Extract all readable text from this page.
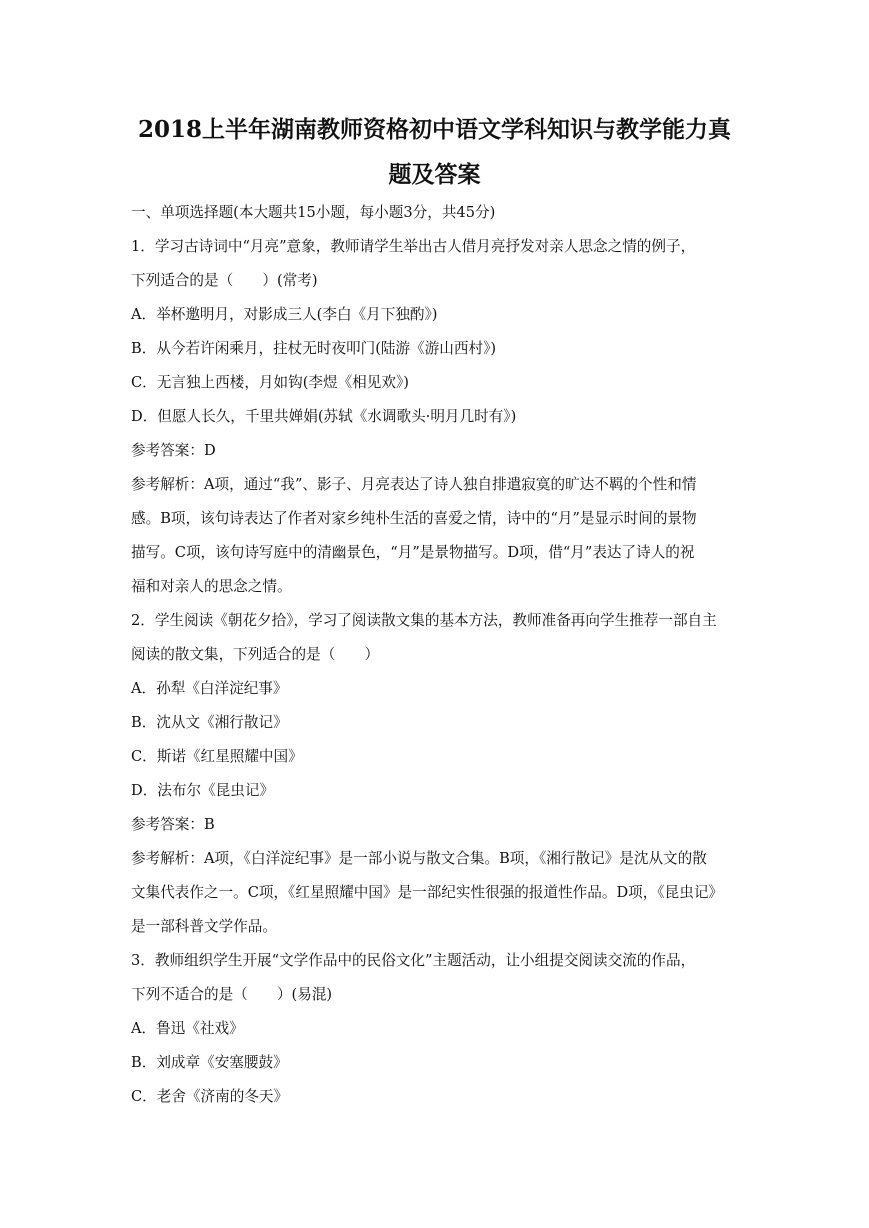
2018上半年湖南教师资格初中语文学科知识与教学能力真
题及答案
一、单项选择题(本大题共15小题，每小题3分，共45分)
1．学习古诗词中“月亮”意象，教师请学生举出古人借月亮抒发对亲人思念之情的例子，
下列适合的是（　　）(常考)
A．举杯邀明月，对影成三人(李白《月下独酌》)
B．从今若许闲乘月，拄杖无时夜叩门(陆游《游山西村》)
C．无言独上西楼，月如钩(李煜《相见欢》)
D．但愿人长久，千里共婵娟(苏轼《水调歌头·明月几时有》)
参考答案：D
参考解析：A项，通过“我”、影子、月亮表达了诗人独自排遣寂寞的旷达不羁的个性和情
感。B项，该句诗表达了作者对家乡纯朴生活的喜爱之情，诗中的“月”是显示时间的景物
描写。C项，该句诗写庭中的清幽景色，“月”是景物描写。D项，借“月”表达了诗人的祝
福和对亲人的思念之情。
2．学生阅读《朝花夕拾》，学习了阅读散文集的基本方法，教师准备再向学生推荐一部自主
阅读的散文集，下列适合的是（　　）
A．孙犁《白洋淀纪事》
B．沈从文《湘行散记》
C．斯诺《红星照耀中国》
D．法布尔《昆虫记》
参考答案：B
参考解析：A项，《白洋淀纪事》是一部小说与散文合集。B项，《湘行散记》是沈从文的散
文集代表作之一。C项，《红星照耀中国》是一部纪实性很强的报道性作品。D项，《昆虫记》
是一部科普文学作品。
3．教师组织学生开展“文学作品中的民俗文化”主题活动，让小组提交阅读交流的作品，
下列不适合的是（　　）(易混)
A．鲁迅《社戏》
B．刘成章《安塞腰鼓》
C．老舍《济南的冬天》
